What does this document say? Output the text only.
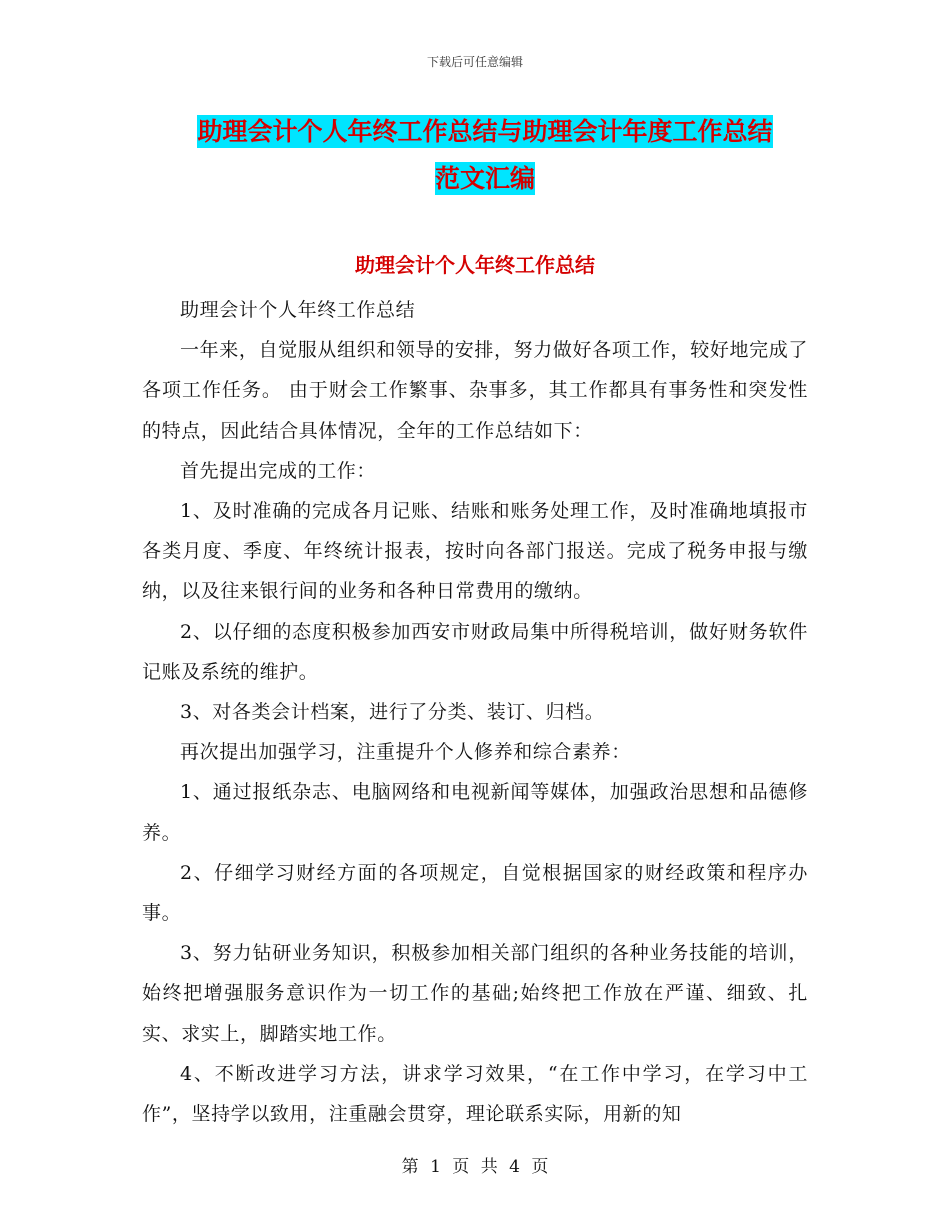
下载后可任意编辑
助理会计个人年终工作总结与助理会计年度工作总结
范文汇编
助理会计个人年终工作总结

助理会计个人年终工作总结

一年来，自觉服从组织和领导的安排，努力做好各项工作，较好地完成了各项工作任务。 由于财会工作繁事、杂事多，其工作都具有事务性和突发性的特点，因此结合具体情况，全年的工作总结如下：

首先提出完成的工作：

1、及时准确的完成各月记账、结账和账务处理工作，及时准确地填报市各类月度、季度、年终统计报表，按时向各部门报送。完成了税务申报与缴纳，以及往来银行间的业务和各种日常费用的缴纳。

2、以仔细的态度积极参加西安市财政局集中所得税培训，做好财务软件记账及系统的维护。

3、对各类会计档案，进行了分类、装订、归档。

再次提出加强学习，注重提升个人修养和综合素养：

1、通过报纸杂志、电脑网络和电视新闻等媒体，加强政治思想和品德修养。

2、仔细学习财经方面的各项规定，自觉根据国家的财经政策和程序办事。

3、努力钻研业务知识，积极参加相关部门组织的各种业务技能的培训，始终把增强服务意识作为一切工作的基础;始终把工作放在严谨、细致、扎实、求实上，脚踏实地工作。

4、不断改进学习方法，讲求学习效果，“在工作中学习，在学习中工作”，坚持学以致用，注重融会贯穿，理论联系实际，用新的知

第 1 页 共 4 页
